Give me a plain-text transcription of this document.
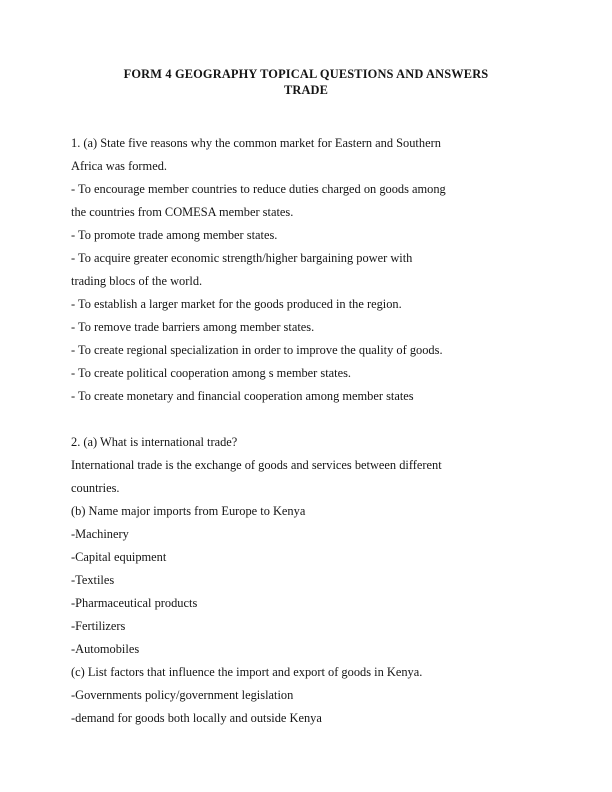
FORM 4 GEOGRAPHY TOPICAL QUESTIONS AND ANSWERS
TRADE
1. (a) State five reasons why the common market for Eastern and Southern
Africa was formed.
- To encourage member countries to reduce duties charged on goods among
the countries from COMESA member states.
- To promote trade among member states.
- To acquire greater economic strength/higher bargaining power with
trading blocs of the world.
- To establish a larger market for the goods produced in the region.
- To remove trade barriers among member states.
- To create regional specialization in order to improve the quality of goods.
- To create political cooperation among s member states.
- To create monetary and financial cooperation among member states
2. (a) What is international trade?
International trade is the exchange of goods and services between different
countries.
(b) Name major imports from Europe to Kenya
-Machinery
-Capital equipment
-Textiles
-Pharmaceutical products
-Fertilizers
-Automobiles
(c) List factors that influence the import and export of goods in Kenya.
-Governments policy/government legislation
-demand for goods both locally and outside Kenya
